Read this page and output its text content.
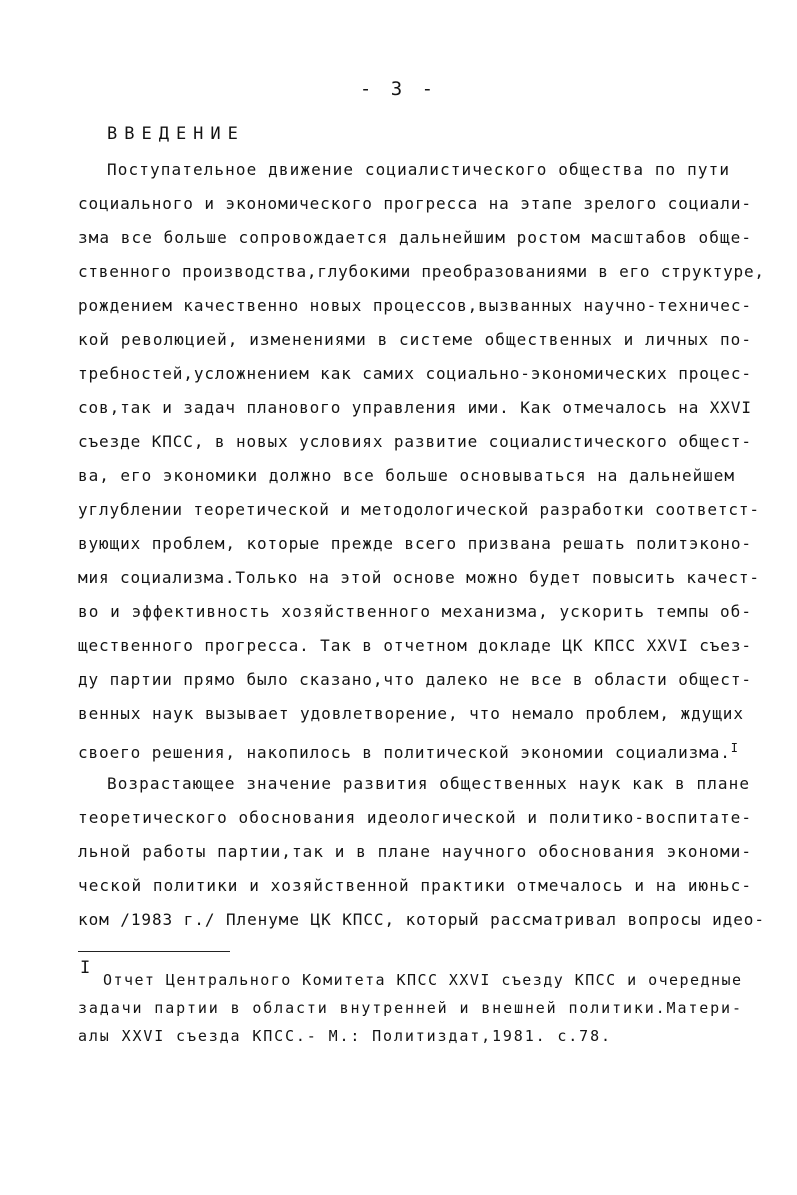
- 3 -
ВВЕДЕНИЕ
Поступательное движение социалистического общества по пути
социального и экономического прогресса на этапе зрелого социали-
зма все больше сопровождается дальнейшим ростом масштабов обще-
ственного производства,глубокими преобразованиями в его структуре,
рождением качественно новых процессов,вызванных научно-техничес-
кой революцией, изменениями в системе общественных и личных по-
требностей,усложнением как самих социально-экономических процес-
сов,так и задач планового управления ими. Как отмечалось на XXVI
съезде КПСС, в новых условиях развитие социалистического общест-
ва, его экономики должно все больше основываться на дальнейшем
углублении теоретической и методологической разработки соответст-
вующих проблем, которые прежде всего призвана решать политэконо-
мия социализма.Только на этой основе можно будет повысить качест-
во и эффективность хозяйственного механизма, ускорить темпы об-
щественного прогресса. Так в отчетном докладе ЦК КПСС XXVI съез-
ду партии прямо было сказано,что далеко не все в области общест-
венных наук вызывает удовлетворение, что немало проблем, ждущих
своего решения, накопилось в политической экономии социализма.$^I$
Возрастающее значение развития общественных наук как в плане
теоретического обоснования идеологической и политико-воспитате-
льной работы партии,так и в плане научного обоснования экономи-
ческой политики и хозяйственной практики отмечалось и на июньс-
ком /1983 г./ Пленуме ЦК КПСС, который рассматривал вопросы идео-
I
Отчет Центрального Комитета КПСС XXVI съезду КПСС и очередные
задачи партии в области внутренней и внешней политики.Матери-
алы XXVI съезда КПСС.- М.: Политиздат,1981. с.78.
